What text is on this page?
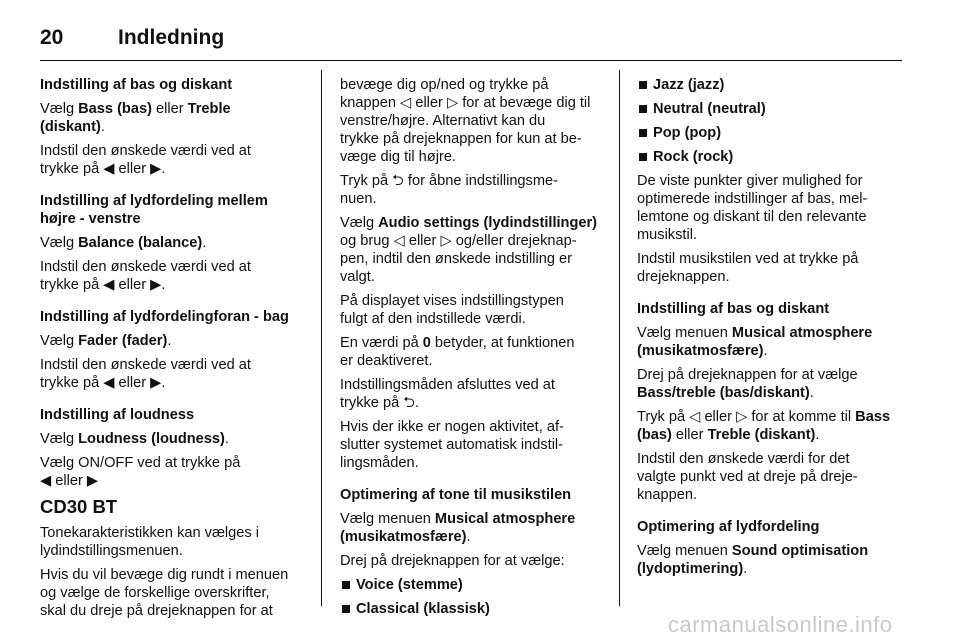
20	Indledning

Indstilling af bas og diskant

Vælg Bass (bas) eller Treble

(diskant).

Indstil den ønskede værdi ved at
trykke på ◀ eller ▶.

Indstilling af lydfordeling mellem
højre - venstre

Vælg Balance (balance).

Indstil den ønskede værdi ved at
trykke på ◀ eller ▶.

Indstilling af lydfordelingforan - bag

Vælg Fader (fader).

Indstil den ønskede værdi ved at
trykke på ◀ eller ▶.

Indstilling af loudness

Vælg Loudness (loudness).

Vælg ON/OFF ved at trykke på
◀ eller ▶

CD30 BT

Tonekarakteristikken kan vælges i
lydindstillingsmenuen.

Hvis du vil bevæge dig rundt i menuen
og vælge de forskellige overskrifter,
skal du dreje på drejeknappen for at

bevæge dig op/ned og trykke på
knappen ◁ eller ▷ for at bevæge dig til
venstre/højre. Alternativt kan du
trykke på drejeknappen for kun at be-
væge dig til højre.

Tryk på ⮌ for åbne indstillingsme-
nuen.

Vælg Audio settings (lydindstillinger)
og brug ◁ eller ▷ og/eller drejeknap-
pen, indtil den ønskede indstilling er
valgt.

På displayet vises indstillingstypen
fulgt af den indstillede værdi.

En værdi på 0 betyder, at funktionen
er deaktiveret.

Indstillingsmåden afsluttes ved at
trykke på ⮌.

Hvis der ikke er nogen aktivitet, af-
slutter systemet automatisk indstil-
lingsmåden.

Optimering af tone til musikstilen

Vælg menuen Musical atmosphere

(musikatmosfære).

Drej på drejeknappen for at vælge:

Voice (stemme)
Classical (klassisk)
Jazz (jazz)
Neutral (neutral)
Pop (pop)
Rock (rock)

De viste punkter giver mulighed for
optimerede indstillinger af bas, mel-
lemtone og diskant til den relevante
musikstil.

Indstil musikstilen ved at trykke på
drejeknappen.

Indstilling af bas og diskant

Vælg menuen Musical atmosphere

(musikatmosfære).

Drej på drejeknappen for at vælge
Bass/treble (bas/diskant).

Tryk på ◁ eller ▷ for at komme til Bass
(bas) eller Treble (diskant).

Indstil den ønskede værdi for det
valgte punkt ved at dreje på dreje-
knappen.

Optimering af lydfordeling

Vælg menuen Sound optimisation

(lydoptimering).

carmanualsonline.info
